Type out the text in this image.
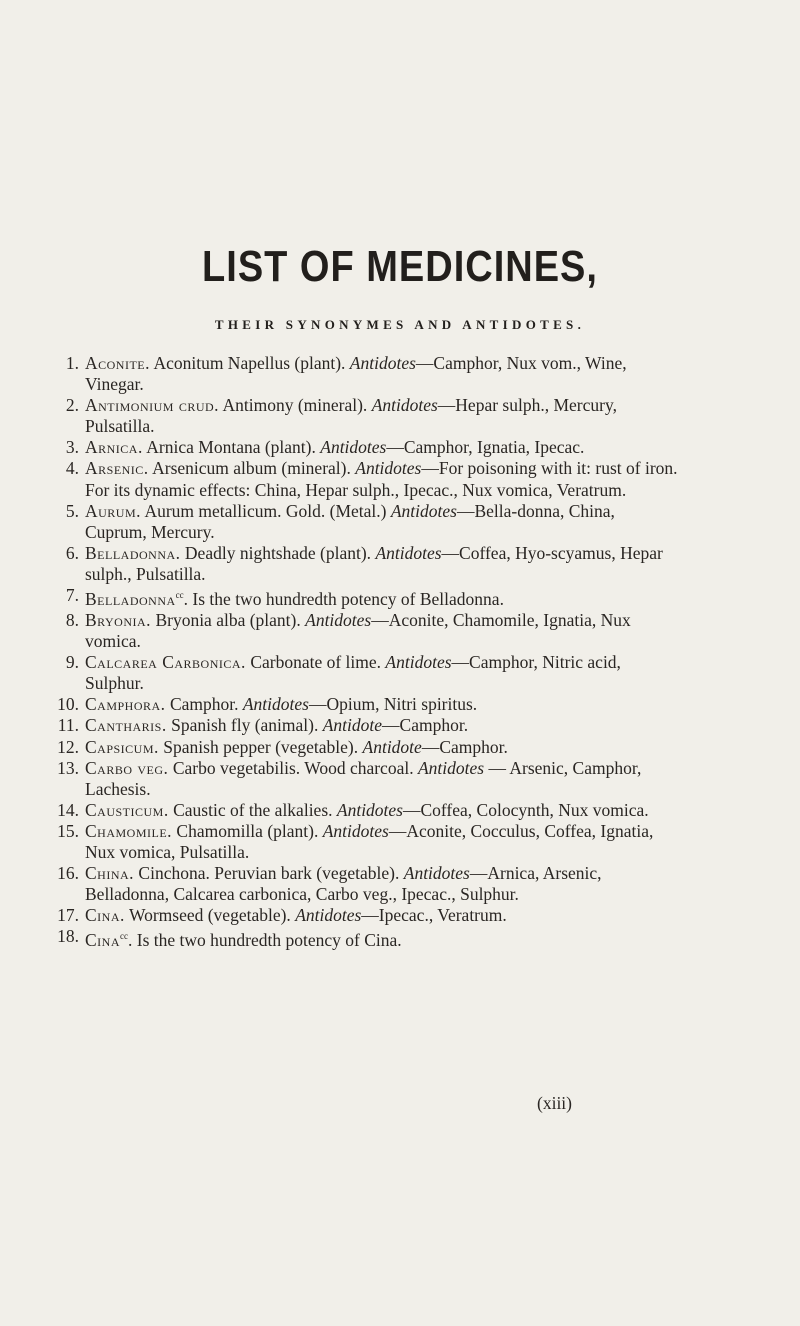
LIST OF MEDICINES,
THEIR SYNONYMES AND ANTIDOTES.
1. Aconite. Aconitum Napellus (plant). Antidotes—Camphor, Nux vom., Wine, Vinegar.
2. Antimonium crud. Antimony (mineral). Antidotes—Hepar sulph., Mercury, Pulsatilla.
3. Arnica. Arnica Montana (plant). Antidotes—Camphor, Ignatia, Ipecac.
4. Arsenic. Arsenicum album (mineral). Antidotes—For poisoning with it: rust of iron. For its dynamic effects: China, Hepar sulph., Ipecac., Nux vomica, Veratrum.
5. Aurum. Aurum metallicum. Gold. (Metal.) Antidotes—Bella-donna, China, Cuprum, Mercury.
6. Belladonna. Deadly nightshade (plant). Antidotes—Coffea, Hyo-scyamus, Hepar sulph., Pulsatilla.
7. Belladonna$^{cc}$. Is the two hundredth potency of Belladonna.
8. Bryonia. Bryonia alba (plant). Antidotes—Aconite, Chamomile, Ignatia, Nux vomica.
9. Calcarea Carbonica. Carbonate of lime. Antidotes—Camphor, Nitric acid, Sulphur.
10. Camphora. Camphor. Antidotes—Opium, Nitri spiritus.
11. Cantharis. Spanish fly (animal). Antidote—Camphor.
12. Capsicum. Spanish pepper (vegetable). Antidote—Camphor.
13. Carbo veg. Carbo vegetabilis. Wood charcoal. Antidotes — Arsenic, Camphor, Lachesis.
14. Causticum. Caustic of the alkalies. Antidotes—Coffea, Colocynth, Nux vomica.
15. Chamomile. Chamomilla (plant). Antidotes—Aconite, Cocculus, Coffea, Ignatia, Nux vomica, Pulsatilla.
16. China. Cinchona. Peruvian bark (vegetable). Antidotes—Arnica, Arsenic, Belladonna, Calcarea carbonica, Carbo veg., Ipecac., Sulphur.
17. Cina. Wormseed (vegetable). Antidotes—Ipecac., Veratrum.
18. Cina$^{cc}$. Is the two hundredth potency of Cina.
(xiii)
